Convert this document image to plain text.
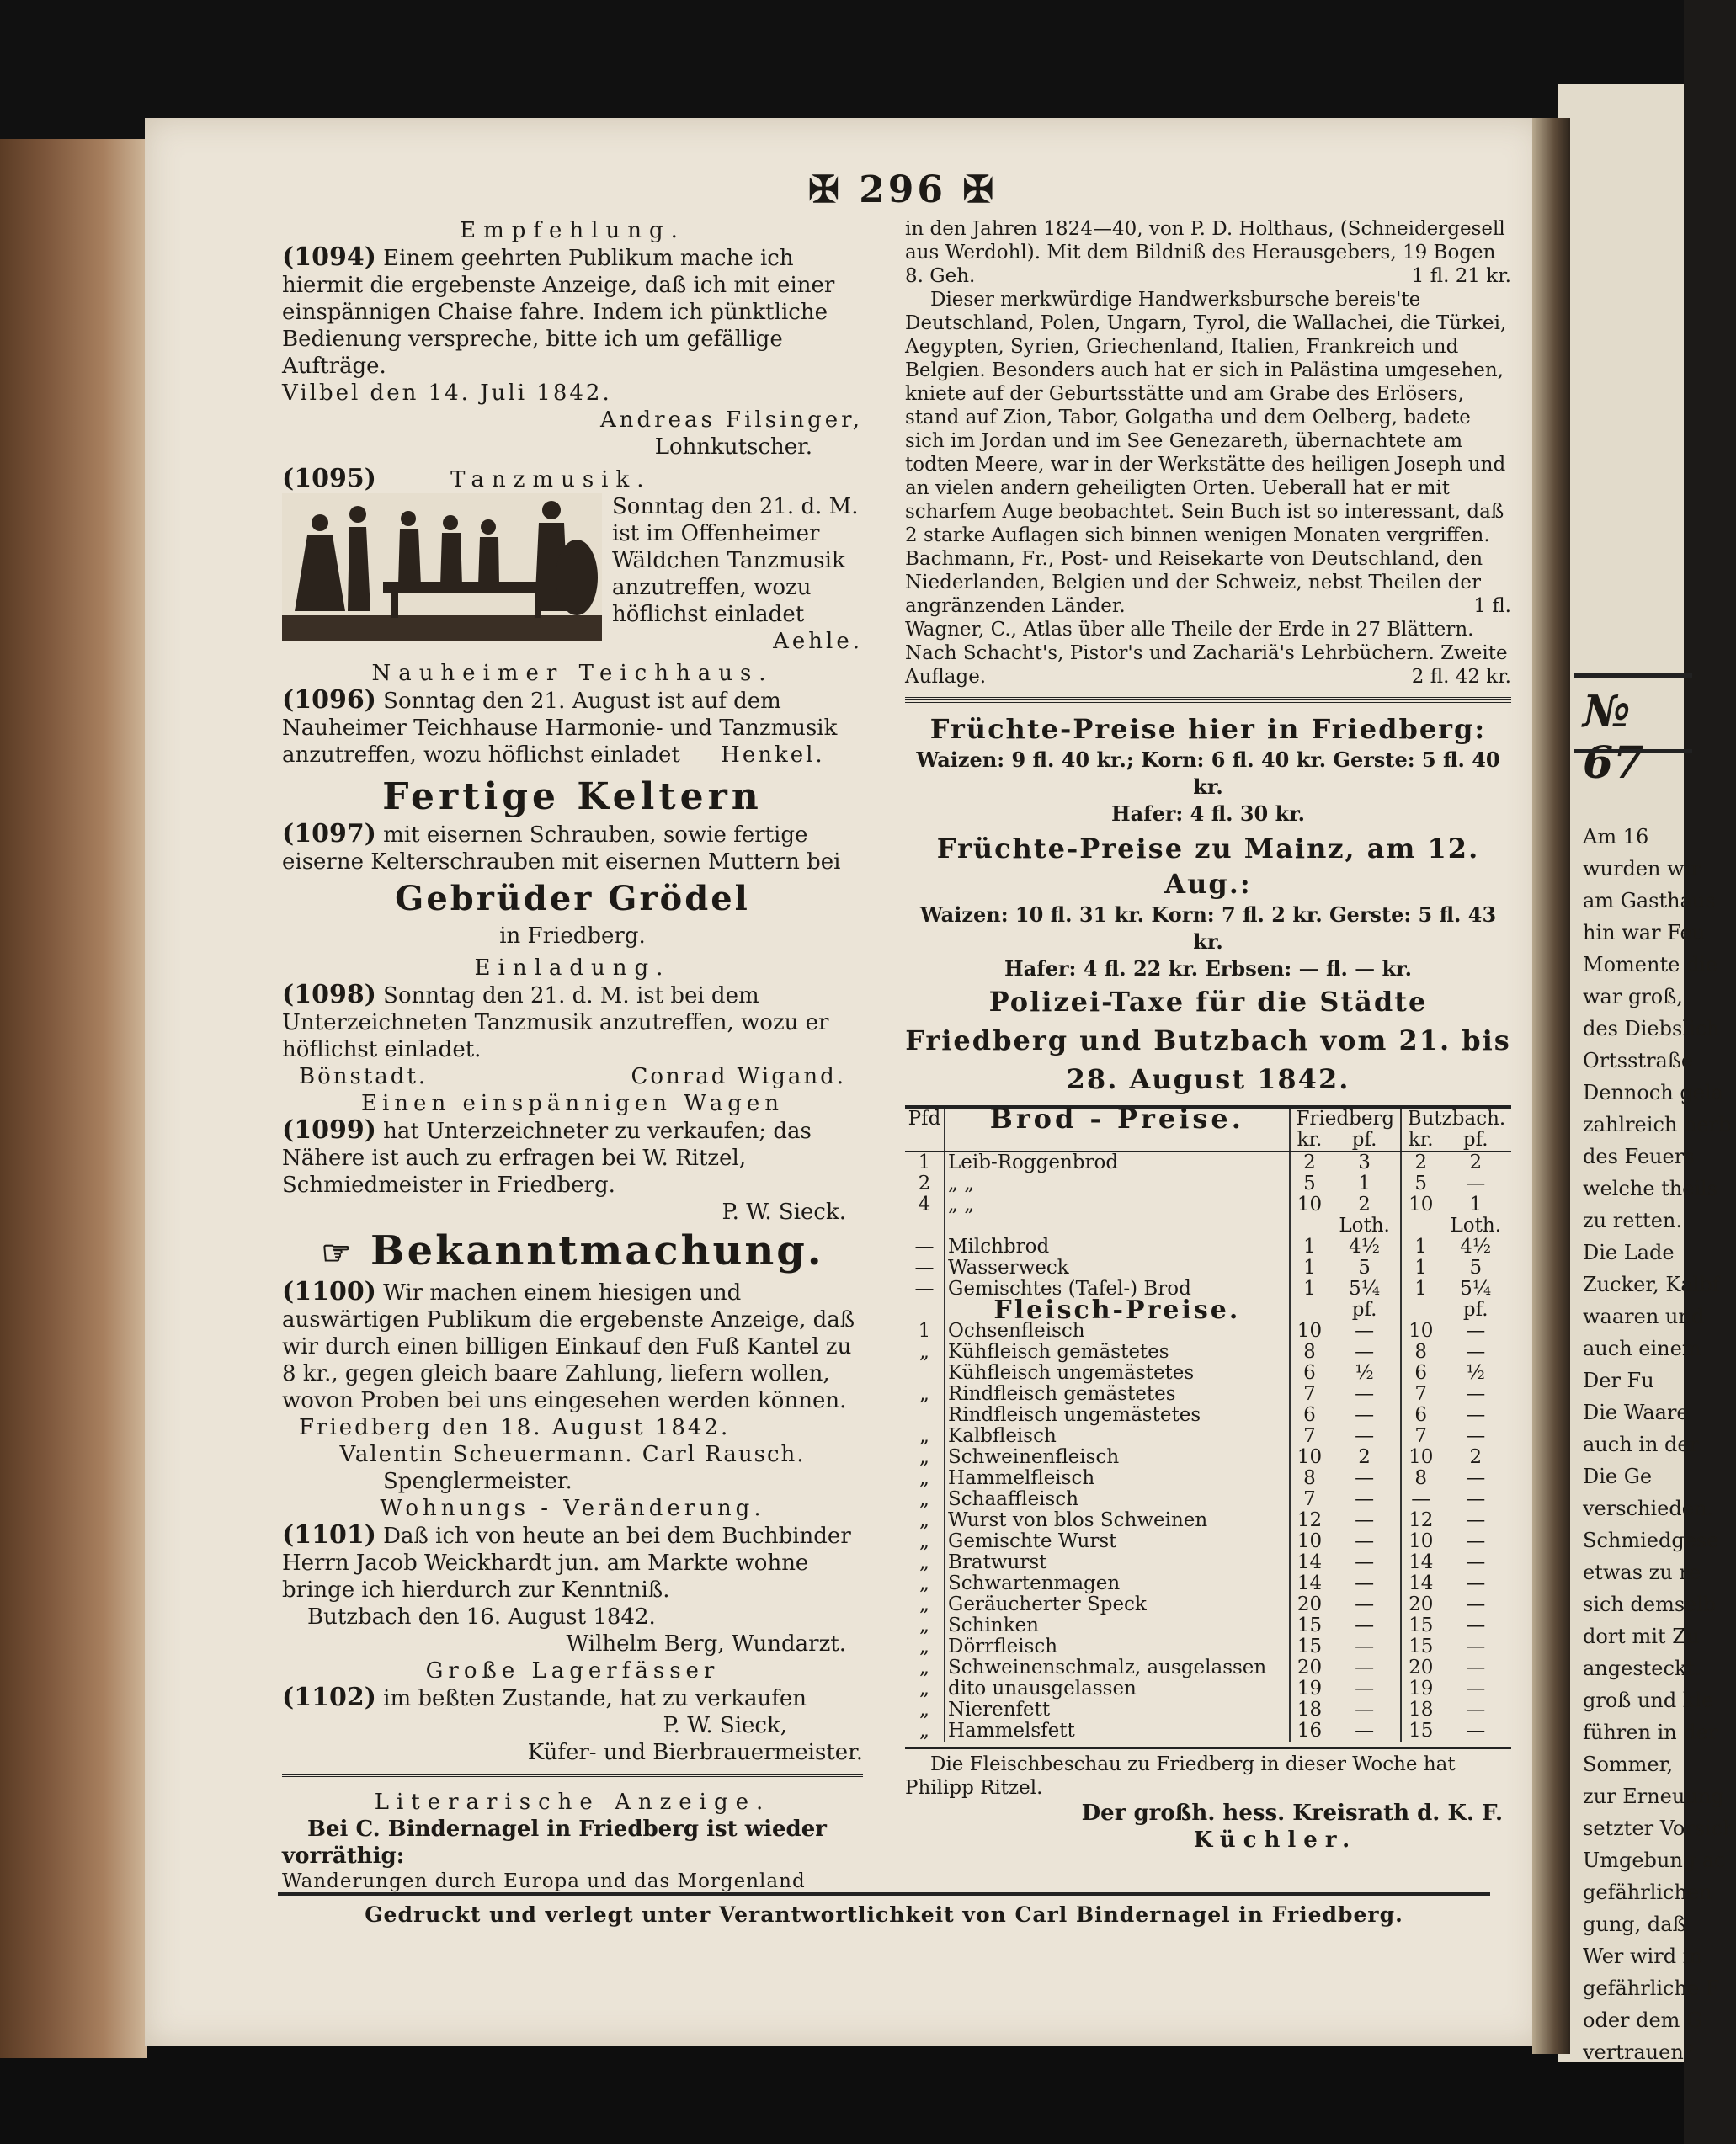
№ 67
Am 16
wurden wir
am Gasthaus
hin war Feu
Momente die
war groß,
des Diebslich
Ortsstraße
Dennoch gela
zahlreich herb
des Feuers
welche theils
zu retten.
Die Lade
Zucker, Kalbf
waaren und
auch einem
Der Fu
Die Waare
auch in der
Die Ge
verschieden.
Schmiedgese
etwas zu re
sich demselb
dort mit Zu
angesteckt.
groß und kle
führen in der
Sommer,
zur Erneuung
setzter Vorsich
Umgebung ac
gefährlichen
gung, daß
Wer wird in
gefährliche F
oder dem G
vertrauen?
✠ 296 ✠

Empfehlung.

(1094) Einem geehrten Publikum mache ich hiermit die ergebenste Anzeige, daß ich mit einer einspännigen Chaise fahre. Indem ich pünktliche Bedienung verspreche, bitte ich um gefällige Aufträge.

Vilbel den 14. Juli 1842.

Andreas Filsinger,

Lohnkutscher.

(1095)	Tanzmusik.

Sonntag den 21. d. M. ist im Offenheimer Wäldchen Tanzmusik anzutreffen, wozu höflichst einladet

Aehle.

Nauheimer Teichhaus.

(1096) Sonntag den 21. August ist auf dem Nauheimer Teichhause Harmonie- und Tanzmusik anzutreffen, wozu höflichst einladet Henkel.

Fertige Keltern

(1097) mit eisernen Schrauben, sowie fertige eiserne Kelterschrauben mit eisernen Muttern bei

Gebrüder Grödel

in Friedberg.

Einladung.

(1098) Sonntag den 21. d. M. ist bei dem Unterzeichneten Tanzmusik anzutreffen, wozu er höflichst einladet.

Bönstadt.	Conrad Wigand.

Einen einspännigen Wagen

(1099) hat Unterzeichneter zu verkaufen; das Nähere ist auch zu erfragen bei W. Ritzel, Schmiedmeister in Friedberg.

P. W. Sieck.

☞ Bekanntmachung.

(1100) Wir machen einem hiesigen und auswärtigen Publikum die ergebenste Anzeige, daß wir durch einen billigen Einkauf den Fuß Kantel zu 8 kr., gegen gleich baare Zahlung, liefern wollen, wovon Proben bei uns eingesehen werden können.

Friedberg den 18. August 1842.

Valentin Scheuermann. Carl Rausch.

Spenglermeister.

Wohnungs - Veränderung.

(1101) Daß ich von heute an bei dem Buchbinder Herrn Jacob Weickhardt jun. am Markte wohne bringe ich hierdurch zur Kenntniß.

Butzbach den 16. August 1842.

Wilhelm Berg, Wundarzt.

Große Lagerfässer

(1102) im beßten Zustande, hat zu verkaufen

P. W. Sieck,

Küfer- und Bierbrauermeister.

Literarische Anzeige.

Bei C. Bindernagel in Friedberg ist wieder vorräthig:

Wanderungen durch Europa und das Morgenland

in den Jahren 1824—40, von P. D. Holthaus, (Schneidergesell aus Werdohl). Mit dem Bildniß des Herausgebers, 19 Bogen 8. Geh.	1 fl. 21 kr.

Dieser merkwürdige Handwerksbursche bereis'te Deutschland, Polen, Ungarn, Tyrol, die Wallachei, die Türkei, Aegypten, Syrien, Griechenland, Italien, Frankreich und Belgien. Besonders auch hat er sich in Palästina umgesehen, kniete auf der Geburtsstätte und am Grabe des Erlösers, stand auf Zion, Tabor, Golgatha und dem Oelberg, badete sich im Jordan und im See Genezareth, übernachtete am todten Meere, war in der Werkstätte des heiligen Joseph und an vielen andern geheiligten Orten. Ueberall hat er mit scharfem Auge beobachtet. Sein Buch ist so interessant, daß 2 starke Auflagen sich binnen wenigen Monaten vergriffen.

Bachmann, Fr., Post- und Reisekarte von Deutschland, den Niederlanden, Belgien und der Schweiz, nebst Theilen der angränzenden Länder.	1 fl.

Wagner, C., Atlas über alle Theile der Erde in 27 Blättern. Nach Schacht's, Pistor's und Zachariä's Lehrbüchern. Zweite Auflage.	2 fl. 42 kr.

Früchte-Preise hier in Friedberg:

Waizen: 9 fl. 40 kr.; Korn: 6 fl. 40 kr. Gerste: 5 fl. 40 kr.

Hafer: 4 fl. 30 kr.

Früchte-Preise zu Mainz, am 12. Aug.:

Waizen: 10 fl. 31 kr. Korn: 7 fl. 2 kr. Gerste: 5 fl. 43 kr.

Hafer: 4 fl. 22 kr. Erbsen: — fl. — kr.

Polizei-Taxe für die Städte Friedberg und Butzbach vom 21. bis 28. August 1842.

Pfd	Brod - Preise.	Friedberg		Butzbach.	
		kr.	pf.	kr.	pf.
1	Leib-Roggenbrod	2	3	2	2
2	„ „	5	1	5	—
4	„ „	10	2	10	1
			Loth.		Loth.
—	Milchbrod	1	4½	1	4½
—	Wasserweck	1	5	1	5
—	Gemischtes (Tafel-) Brod	1	5¼	1	5¼
	Fleisch-Preise.		pf.		pf.
1	Ochsenfleisch	10	—	10	—
„	Kühfleisch gemästetes	8	—	8	—
	Kühfleisch ungemästetes	6	½	6	½
„	Rindfleisch gemästetes	7	—	7	—
	Rindfleisch ungemästetes	6	—	6	—
„	Kalbfleisch	7	—	7	—
„	Schweinenfleisch	10	2	10	2
„	Hammelfleisch	8	—	8	—
„	Schaaffleisch	7	—	—	—
„	Wurst von blos Schweinen	12	—	12	—
„	Gemischte Wurst	10	—	10	—
„	Bratwurst	14	—	14	—
„	Schwartenmagen	14	—	14	—
„	Geräucherter Speck	20	—	20	—
„	Schinken	15	—	15	—
„	Dörrfleisch	15	—	15	—
„	Schweinenschmalz, ausgelassen	20	—	20	—
„	dito unausgelassen	19	—	19	—
„	Nierenfett	18	—	18	—
„	Hammelsfett	16	—	15	—

Die Fleischbeschau zu Friedberg in dieser Woche hat Philipp Ritzel.

Der großh. hess. Kreisrath d. K. F.

Küchler.

Gedruckt und verlegt unter Verantwortlichkeit von Carl Bindernagel in Friedberg.
